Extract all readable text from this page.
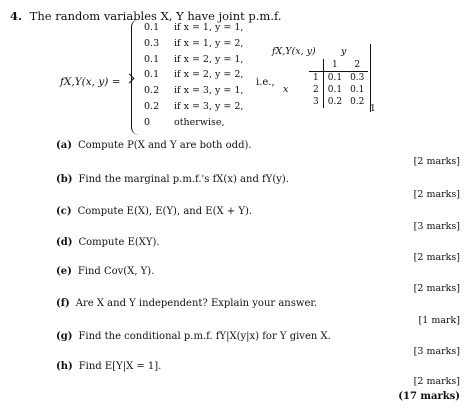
4. The random variables X, Y have joint p.m.f.
fX,Y(x, y) =
0.1	if x = 1, y = 1,
0.3	if x = 1, y = 2,
0.1	if x = 2, y = 1,
0.1	if x = 2, y = 2,
0.2	if x = 3, y = 1,
0.2	if x = 3, y = 2,
0	otherwise,
i.e.,
fX,Y(x, y)	y
x
	1	2
1	0.1	0.3
2	0.1	0.1
3	0.2	0.2
1
(a) Compute P(X and Y are both odd).
[2 marks]
(b) Find the marginal p.m.f.'s fX(x) and fY(y).
[2 marks]
(c) Compute E(X), E(Y), and E(X + Y).
[3 marks]
(d) Compute E(XY).
[2 marks]
(e) Find Cov(X, Y).
[2 marks]
(f) Are X and Y independent? Explain your answer.
[1 mark]
(g) Find the conditional p.m.f. fY|X(y|x) for Y given X.
[3 marks]
(h) Find E[Y|X = 1].
[2 marks]
(17 marks)
